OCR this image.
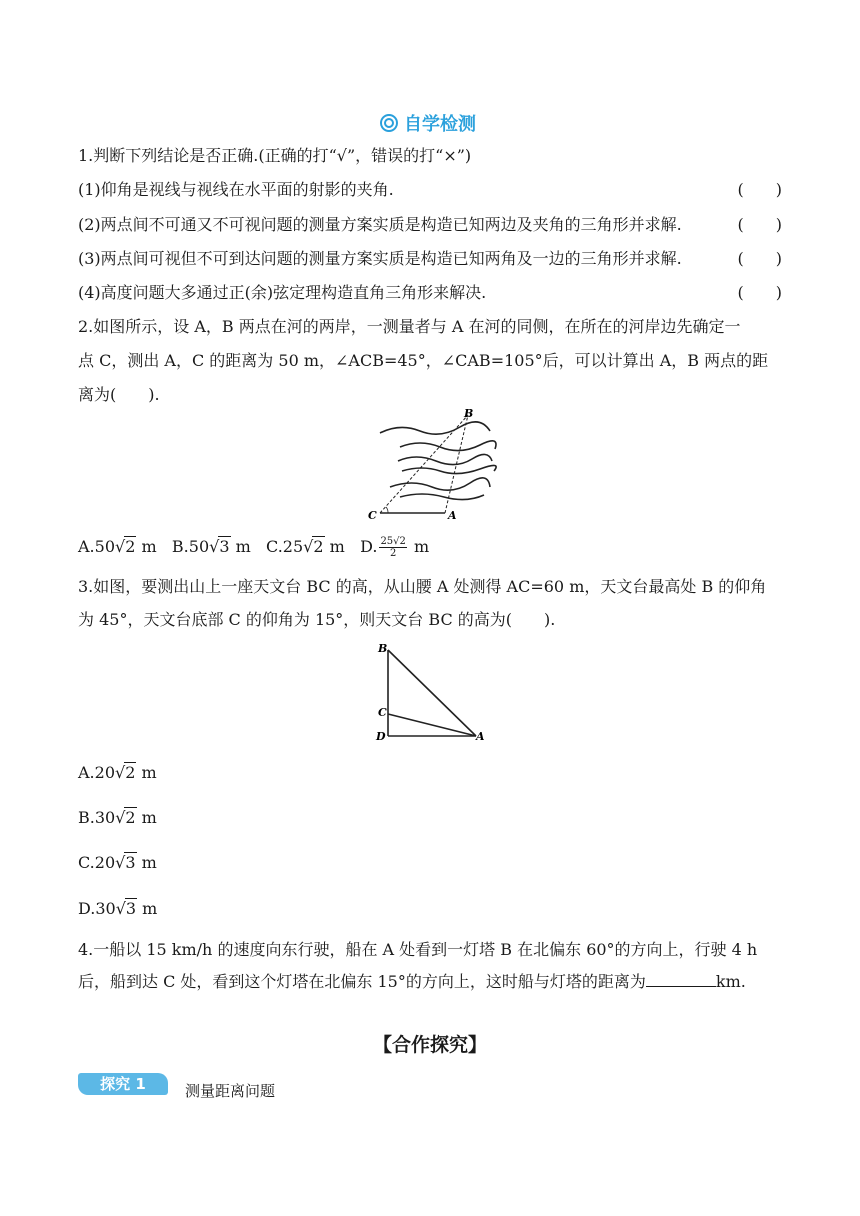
自学检测
1.判断下列结论是否正确.(正确的打“√”，错误的打“×”)
(1)仰角是视线与视线在水平面的射影的夹角.	(　　)
(2)两点间不可通又不可视问题的测量方案实质是构造已知两边及夹角的三角形并求解.	(　　)
(3)两点间可视但不可到达问题的测量方案实质是构造已知两角及一边的三角形并求解.	(　　)
(4)高度问题大多通过正(余)弦定理构造直角三角形来解决.	(　　)
2.如图所示，设 A，B 两点在河的两岸，一测量者与 A 在河的同侧，在所在的河岸边先确定一
点 C，测出 A，C 的距离为 50 m，∠ACB=45°，∠CAB=105°后，可以计算出 A，B 两点的距
离为(　　).
B
C	A
A.50√2 m B.50√3 m C.25√2 m D. $\frac{25√2}{2}$ m
3.如图，要测出山上一座天文台 BC 的高，从山腰 A 处测得 AC=60 m，天文台最高处 B 的仰角
为 45°，天文台底部 C 的仰角为 15°，则天文台 BC 的高为(　　).
B
C
D	A
A.20√2 m
B.30√2 m
C.20√3 m
D.30√3 m
4.一船以 15 km/h 的速度向东行驶，船在 A 处看到一灯塔 B 在北偏东 60°的方向上，行驶 4 h
后，船到达 C 处，看到这个灯塔在北偏东 15°的方向上，这时船与灯塔的距离为	km.
【合作探究】
探究 1	测量距离问题
